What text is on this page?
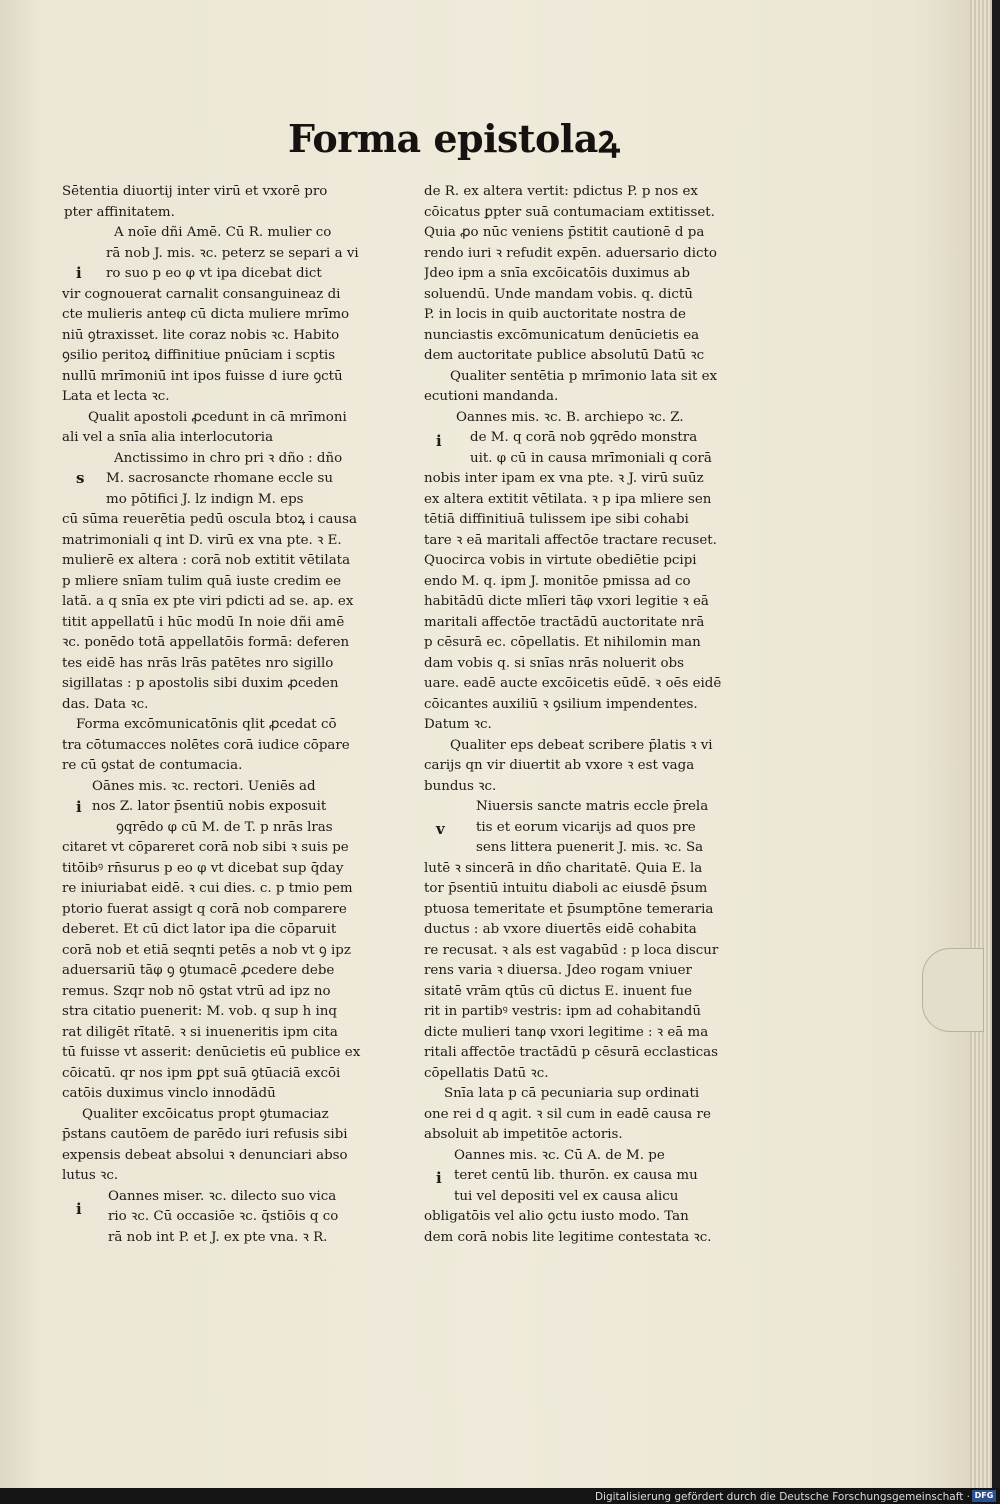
Forma epistolaꝝ
Sētentia diuortij inter virū et vxorē pro
pter affinitatem.
A noīe dñi Amē. Cū R. mulier co
rā nob J. mis. ꝛc. peterz se separi a vi
ro suo p eo φ vt ipa dicebat dict
vir cognouerat carnalit consanguineaz di
cte mulieris anteφ cū dicta muliere mrīmo
niū ꝯtraxisset. lite coraz nobis ꝛc. Habito
ꝯsilio peritoꝝ diffinitiue pnūciam i scptis
nullū mrīmoniū int ipos fuisse d iure ꝯctū
Lata et lecta ꝛc.
Qualit apostoli ꝓcedunt in cā mrīmoni
ali vel a snīa alia interlocutoria
Anctissimo in chro pri ꝛ dño : dño
M. sacrosancte rhomane eccle su
mo pōtifici J. lz indign M. eps
cū sūma reuerētia pedū oscula btoꝝ i causa
matrimoniali q int D. virū ex vna pte. ꝛ E.
mulierē ex altera : corā nob extitit vētilata
p mliere snīam tulim quā iuste credim ee
latā. a q snīa ex pte viri pdicti ad se. ap. ex
titit appellatū i hūc modū In noie dñi amē
ꝛc. ponēdo totā appellatōis formā: deferen
tes eidē has nrās lrās patētes nro sigillo
sigillatas : p apostolis sibi duxim ꝓceden
das. Data ꝛc.
Forma excōmunicatōnis qlit ꝓcedat cō
tra cōtumacces nolētes corā iudice cōpare
re cū ꝯstat de contumacia.
Oānes mis. ꝛc. rectori. Ueniēs ad
nos Z. lator p̄sentiū nobis exposuit
ꝯqrēdo φ cū M. de T. p nrās lras
citaret vt cōpareret corā nob sibi ꝛ suis pe
titōibꝰ rn̄surus p eo φ vt dicebat sup q̄day
re iniuriabat eidē. ꝛ cui dies. c. p tmio pem
ptorio fuerat assigt q corā nob comparere
deberet. Et cū dict lator ipa die cōparuit
corā nob et etiā seqnti petēs a nob vt ꝯ ipz
aduersariū tāφ ꝯ ꝯtumacē ꝓcedere debe
remus. Szqr nob nō ꝯstat vtrū ad ipz no
stra citatio puenerit: M. vob. q sup h inq
rat diligēt rītatē. ꝛ si inueneritis ipm cita
tū fuisse vt asserit: denūcietis eū publice ex
cōicatū. qr nos ipm ꝑpt suā ꝯtūaciā excōi
catōis duximus vinclo innodādū
Qualiter excōicatus propt ꝯtumaciaz
p̄stans cautōem de parēdo iuri refusis sibi
expensis debeat absolui ꝛ denunciari abso
lutus ꝛc.
Oannes miser. ꝛc. dilecto suo vica
rio ꝛc. Cū occasiōe ꝛc. q̄stiōis q co
rā nob int P. et J. ex pte vna. ꝛ R.
de R. ex altera vertit: pdictus P. p nos ex
cōicatus ꝑpter suā contumaciam extitisset.
Quia ꝓo nūc veniens p̄stitit cautionē d pa
rendo iuri ꝛ refudit expēn. aduersario dicto
Jdeo ipm a snīa excōicatōis duximus ab
soluendū. Unde mandam vobis. q. dictū
P. in locis in quib auctoritate nostra de
nunciastis excōmunicatum denūcietis ea
dem auctoritate publice absolutū Datū ꝛc
Qualiter sentētia p mrīmonio lata sit ex
ecutioni mandanda.
Oannes mis. ꝛc. B. archiepo ꝛc. Z.
de M. q corā nob ꝯqrēdo monstra
uit. φ cū in causa mrīmoniali q corā
nobis inter ipam ex vna pte. ꝛ J. virū suūz
ex altera extitit vētilata. ꝛ p ipa mliere sen
tētiā diffinitiuā tulissem ipe sibi cohabi
tare ꝛ eā maritali affectōe tractare recuset.
Quocirca vobis in virtute obediētie pcipi
endo M. q. ipm J. monitōe pmissa ad co
habitādū dicte mlīeri tāφ vxori legitie ꝛ eā
maritali affectōe tractādū auctoritate nrā
p cēsurā ec. cōpellatis. Et nihilomin man
dam vobis q. si snīas nrās noluerit obs
uare. eadē aucte excōicetis eūdē. ꝛ oēs eidē
cōicantes auxiliū ꝛ ꝯsilium impendentes.
Datum ꝛc.
Qualiter eps debeat scribere p̄latis ꝛ vi
carijs qn vir diuertit ab vxore ꝛ est vaga
bundus ꝛc.
Niuersis sancte matris eccle p̄rela
tis et eorum vicarijs ad quos pre
sens littera puenerit J. mis. ꝛc. Sa
lutē ꝛ sincerā in dño charitatē. Quia E. la
tor p̄sentiū intuitu diaboli ac eiusdē p̄sum
ptuosa temeritate et p̄sumptōne temeraria
ductus : ab vxore diuertēs eidē cohabita
re recusat. ꝛ als est vagabūd : p loca discur
rens varia ꝛ diuersa. Jdeo rogam vniuer
sitatē vrām qtūs cū dictus E. inuent fue
rit in partibꝰ vestris: ipm ad cohabitandū
dicte mulieri tanφ vxori legitime : ꝛ eā ma
ritali affectōe tractādū p cēsurā ecclasticas
cōpellatis Datū ꝛc.
Snīa lata p cā pecuniaria sup ordinati
one rei d q agit. ꝛ sil cum in eadē causa re
absoluit ab impetitōe actoris.
Oannes mis. ꝛc. Cū A. de M. pe
teret centū lib. thurōn. ex causa mu
tui vel depositi vel ex causa alicu
obligatōis vel alio ꝯctu iusto modo. Tan
dem corā nobis lite legitime contestata ꝛc.
i
s
i
i
i
v
i
Digitalisierung gefördert durch die Deutsche Forschungsgemeinschaft · DFG
